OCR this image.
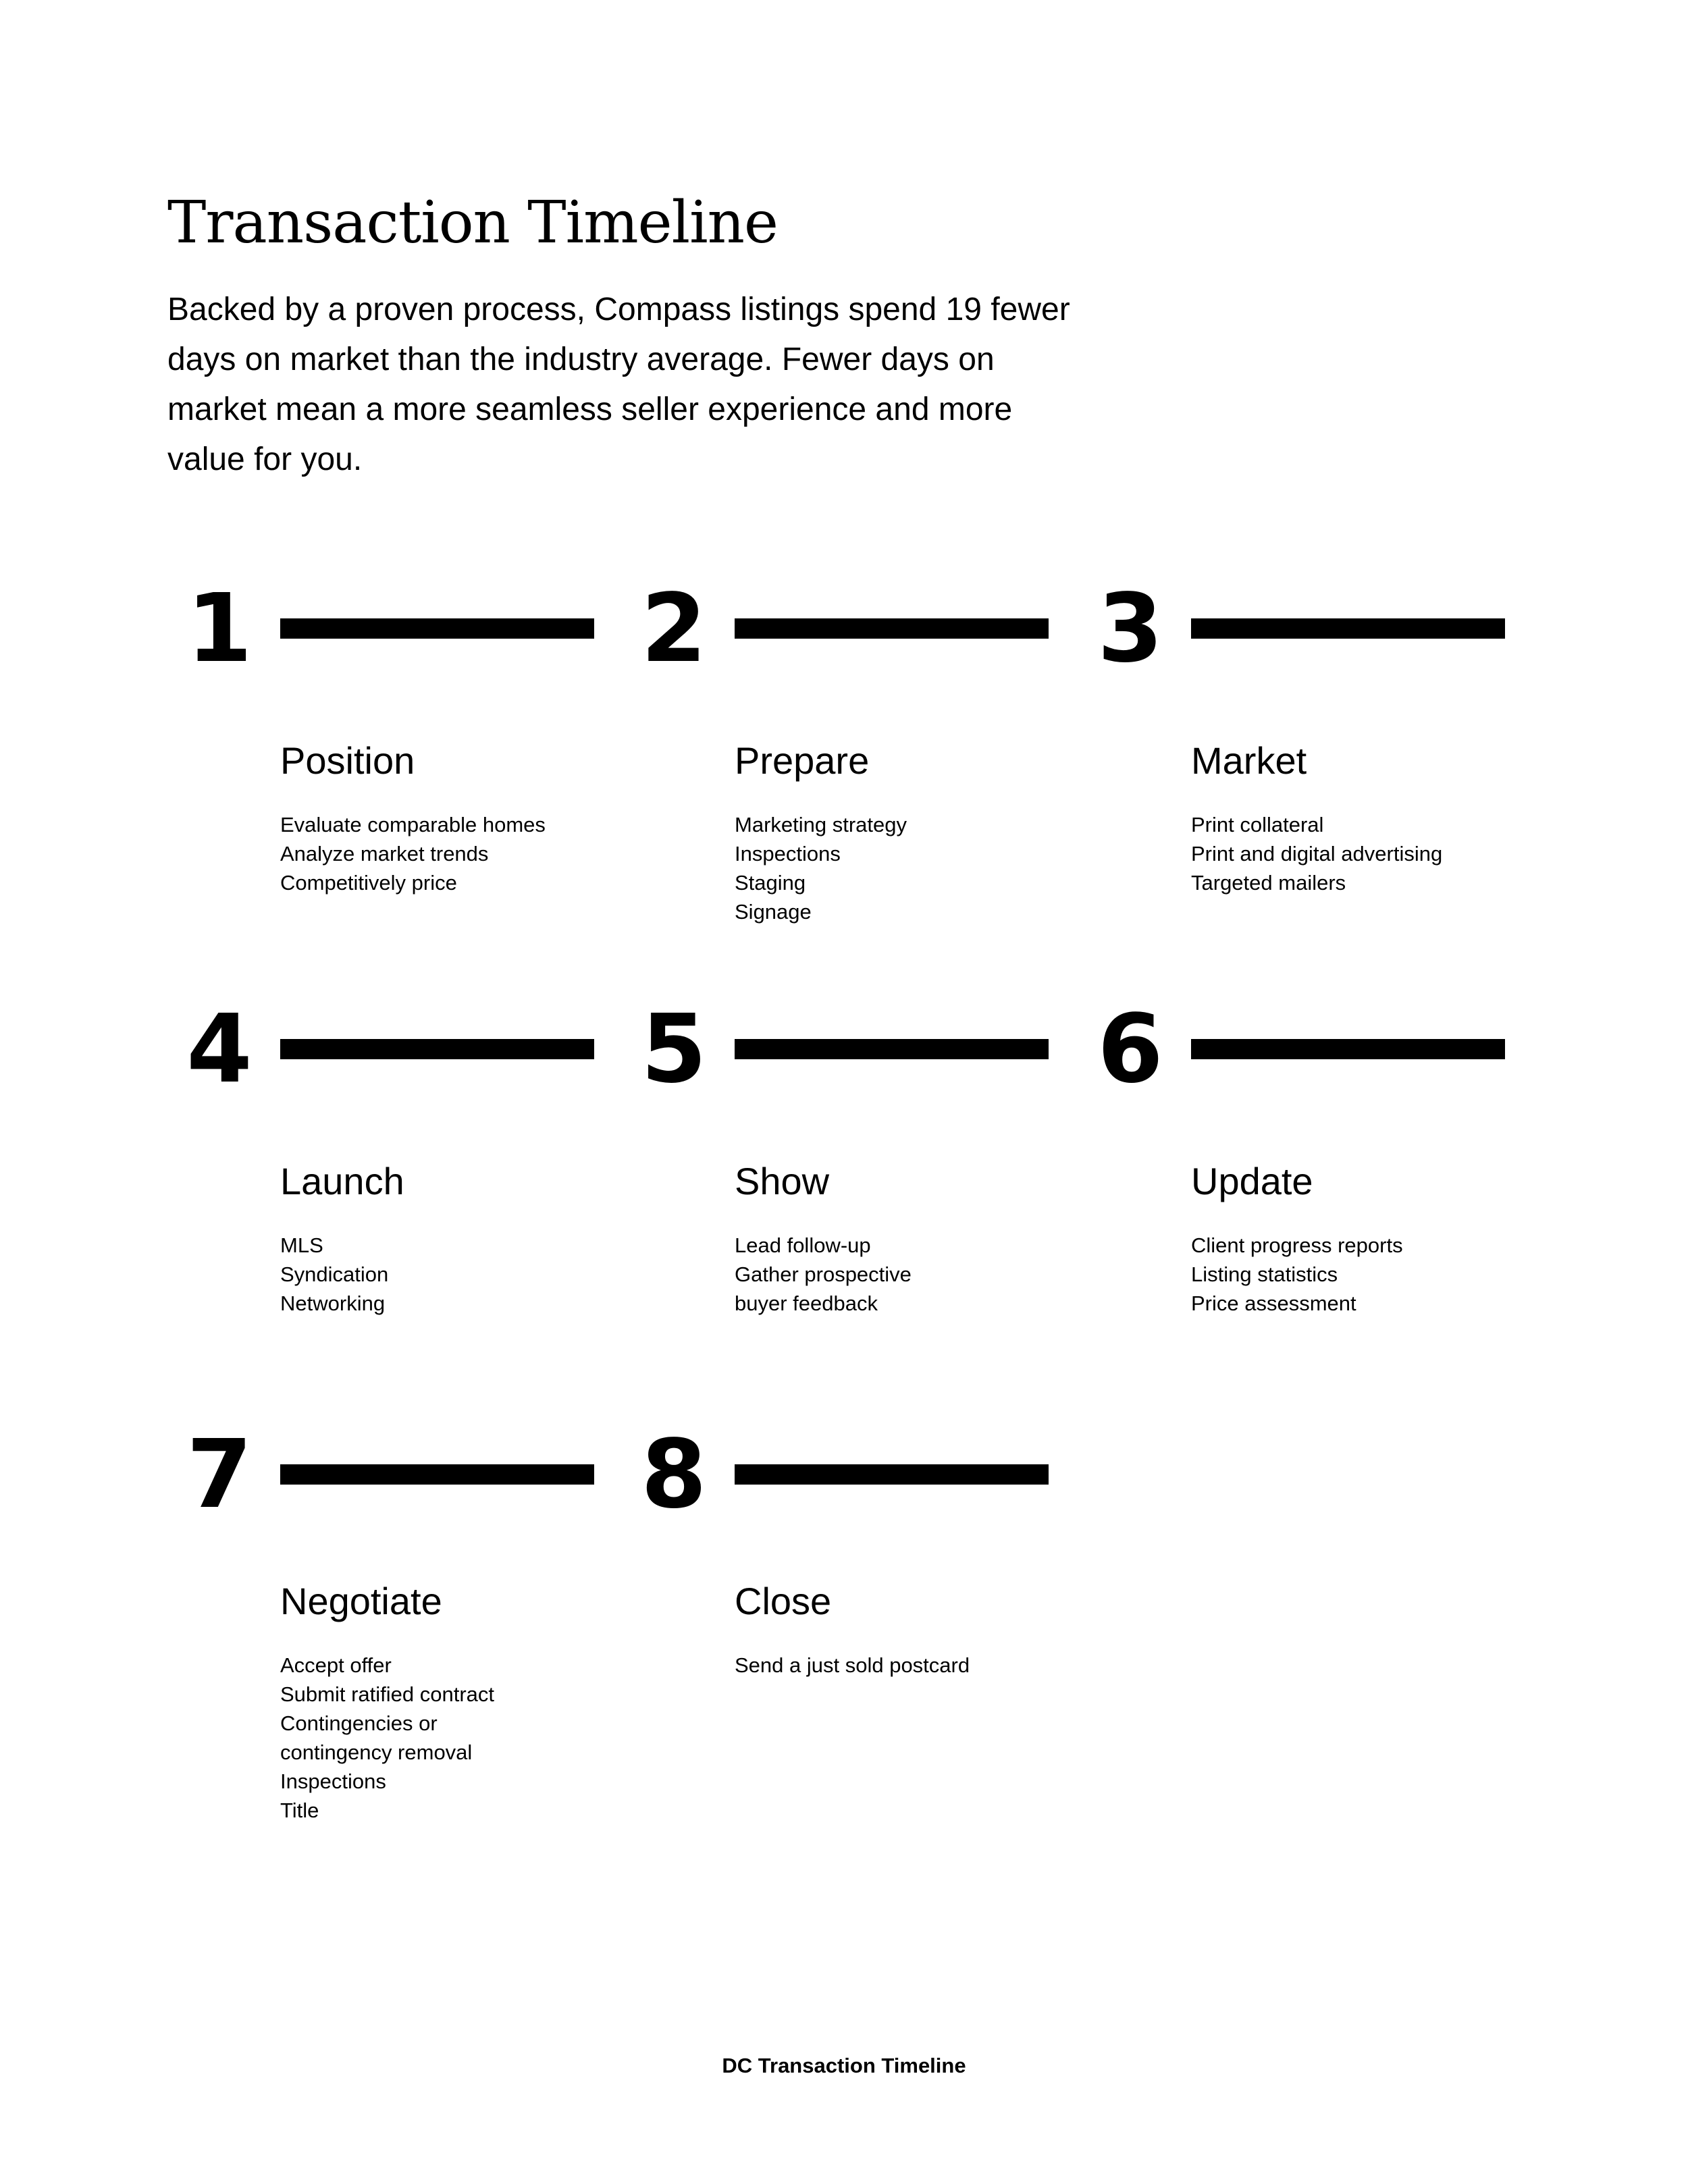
Transaction Timeline

Backed by a proven process, Compass listings spend 19 fewer days on market than the industry average. Fewer days on market mean a more seamless seller experience and more value for you.

1
Position
Evaluate comparable homes
Analyze market trends
Competitively price
2
Prepare
Marketing strategy
Inspections
Staging
Signage
3
Market
Print collateral
Print and digital advertising
Targeted mailers
4
Launch
MLS
Syndication
Networking
5
Show
Lead follow-up
Gather prospective
buyer feedback
6
Update
Client progress reports
Listing statistics
Price assessment
7
Negotiate
Accept offer
Submit ratified contract
Contingencies or
contingency removal
Inspections
Title
8
Close
Send a just sold postcard
DC Transaction Timeline
